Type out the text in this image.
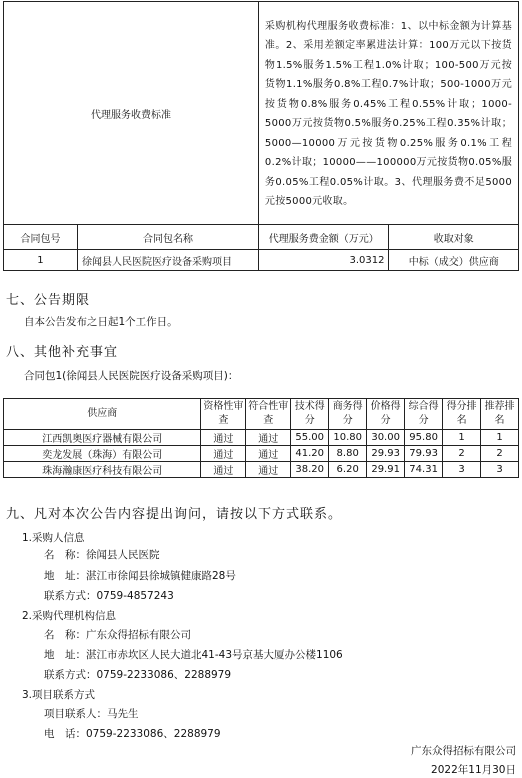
代理服务收费标准		采购机构代理服务收费标准：1、以中标金额为计算基准。2、采用差额定率累进法计算：100万元以下按货物1.5%服务1.5%工程1.0%计取；100-500万元按货物1.1%服务0.8%工程0.7%计取；500-1000万元按货物0.8%服务0.45%工程0.55%计取；1000-5000万元按货物0.5%服务0.25%工程0.35%计取；5000—10000万元按货物0.25%服务0.1%工程0.2%计取；10000——100000万元按货物0.05%服务0.05%工程0.05%计取。3、代理服务费不足5000元按5000元收取。	
合同包号	合同包名称	代理服务费金额（万元）	收取对象
1	徐闻县人民医院医疗设备采购项目	3.0312	中标（成交）供应商
七、公告期限
自本公告发布之日起1个工作日。
八、其他补充事宜
合同包1(徐闻县人民医院医疗设备采购项目)：
供应商	资格性审查	符合性审查	技术得分	商务得分	价格得分	综合得分	得分排名	推荐排名
江西凯奥医疗器械有限公司	通过	通过	55.00	10.80	30.00	95.80	1	1
奕龙发展（珠海）有限公司	通过	通过	41.20	8.80	29.93	79.93	2	2
珠海瀚康医疗科技有限公司	通过	通过	38.20	6.20	29.91	74.31	3	3
九、凡对本次公告内容提出询问，请按以下方式联系。
1.采购人信息
名　称：徐闻县人民医院
地　址：湛江市徐闻县徐城镇健康路28号
联系方式：0759-4857243
2.采购代理机构信息
名　称：广东众得招标有限公司
地　址：湛江市赤坎区人民大道北41-43号京基大厦办公楼1106
联系方式：0759-2233086、2288979
3.项目联系方式
项目联系人：马先生
电　话：0759-2233086、2288979
广东众得招标有限公司
2022年11月30日
